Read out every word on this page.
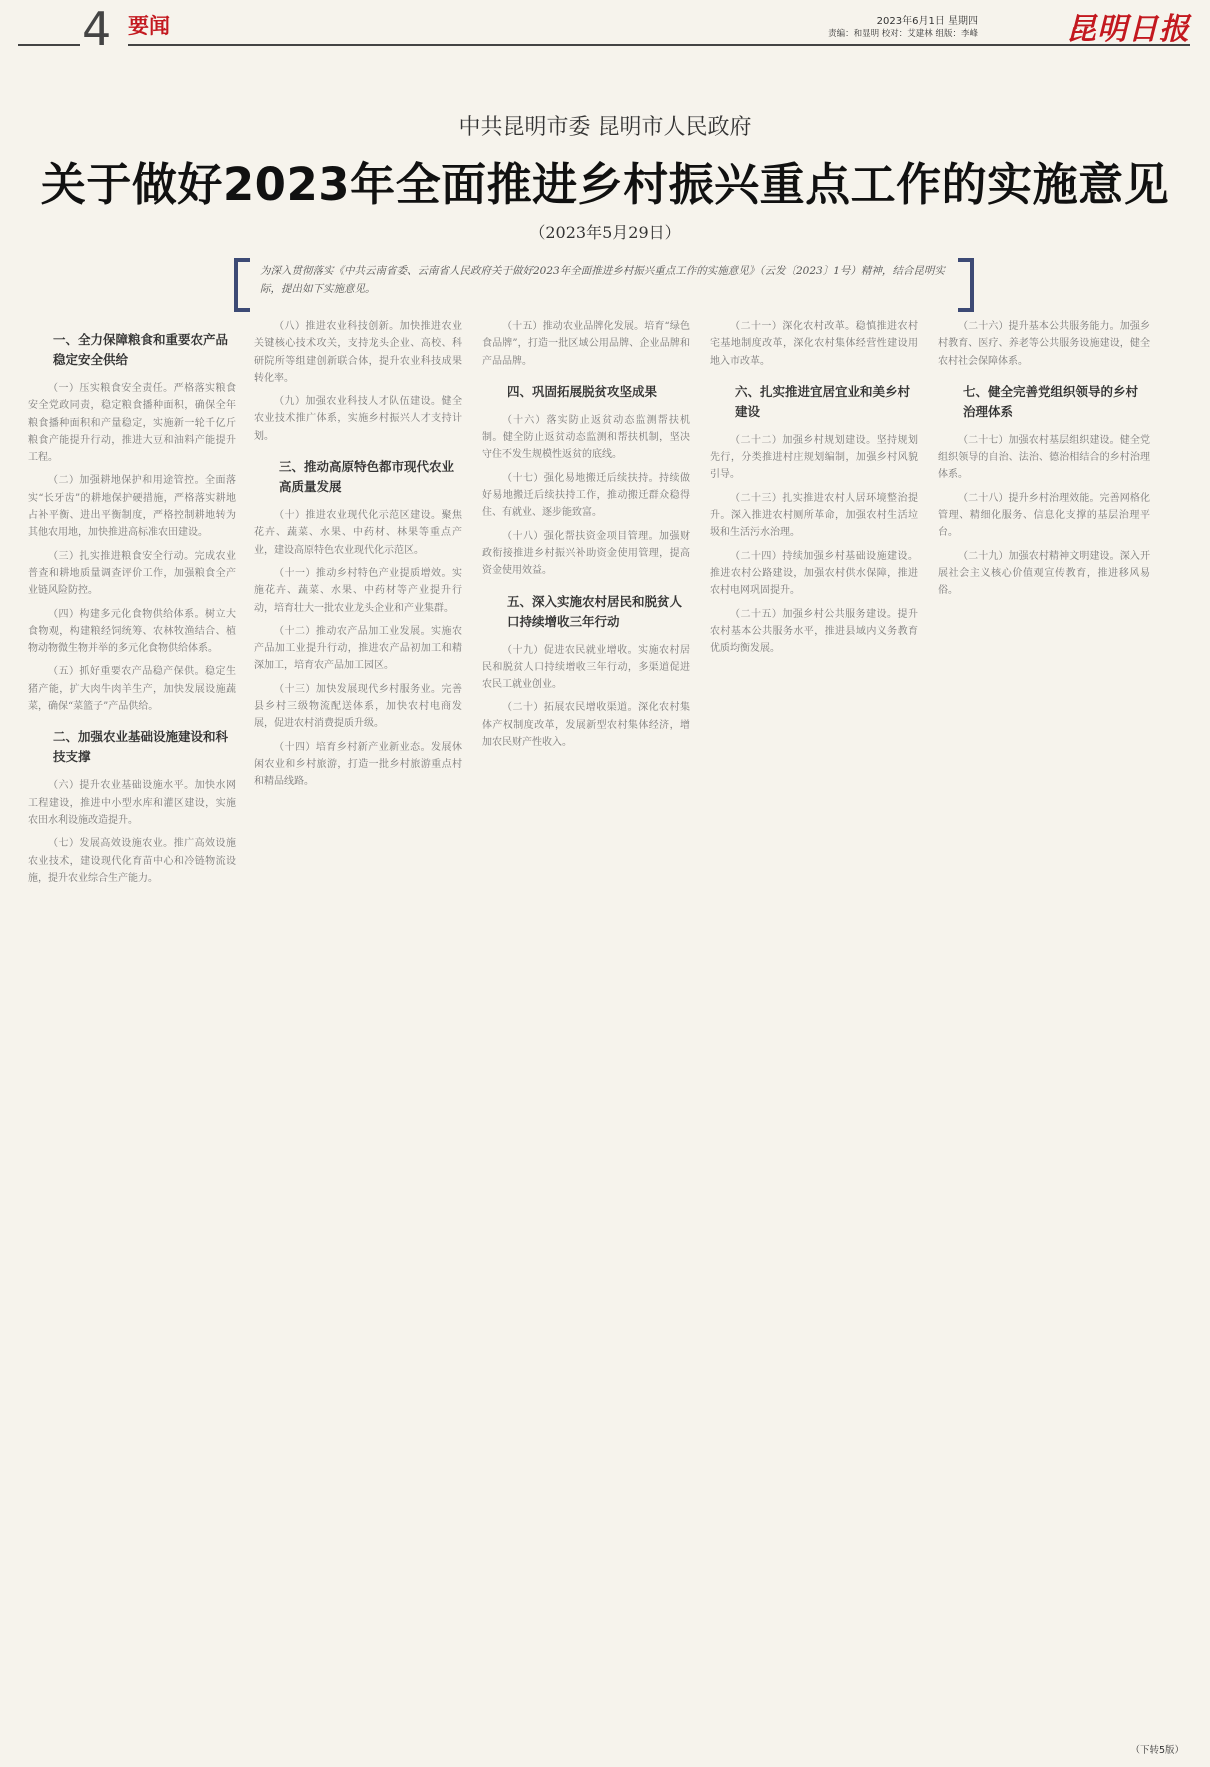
4 要闻	2023年6月1日 星期四
责编：和显明 校对：艾建林 组版：李峰	昆明日报
中共昆明市委 昆明市人民政府
关于做好2023年全面推进乡村振兴重点工作的实施意见
（2023年5月29日）
为深入贯彻落实《中共云南省委、云南省人民政府关于做好2023年全面推进乡村振兴重点工作的实施意见》（云发〔2023〕1号）精神，结合昆明实际，提出如下实施意见。
一、全力保障粮食和重要农产品稳定安全供给

（一）压实粮食安全责任。严格落实粮食安全党政同责，稳定粮食播种面积，确保全年粮食播种面积和产量稳定，实施新一轮千亿斤粮食产能提升行动，推进大豆和油料产能提升工程。

（二）加强耕地保护和用途管控。全面落实“长牙齿”的耕地保护硬措施，严格落实耕地占补平衡、进出平衡制度，严格控制耕地转为其他农用地，加快推进高标准农田建设。

（三）扎实推进粮食安全行动。完成农业普查和耕地质量调查评价工作，加强粮食全产业链风险防控。

（四）构建多元化食物供给体系。树立大食物观，构建粮经饲统筹、农林牧渔结合、植物动物微生物并举的多元化食物供给体系。

（五）抓好重要农产品稳产保供。稳定生猪产能，扩大肉牛肉羊生产，加快发展设施蔬菜，确保“菜篮子”产品供给。

二、加强农业基础设施建设和科技支撑

（六）提升农业基础设施水平。加快水网工程建设，推进中小型水库和灌区建设，实施农田水利设施改造提升。

（七）发展高效设施农业。推广高效设施农业技术，建设现代化育苗中心和冷链物流设施，提升农业综合生产能力。

（八）推进农业科技创新。加快推进农业关键核心技术攻关，支持龙头企业、高校、科研院所等组建创新联合体，提升农业科技成果转化率。

（九）加强农业科技人才队伍建设。健全农业技术推广体系，实施乡村振兴人才支持计划。

三、推动高原特色都市现代农业高质量发展

（十）推进农业现代化示范区建设。聚焦花卉、蔬菜、水果、中药材、林果等重点产业，建设高原特色农业现代化示范区。

（十一）推动乡村特色产业提质增效。实施花卉、蔬菜、水果、中药材等产业提升行动，培育壮大一批农业龙头企业和产业集群。

（十二）推动农产品加工业发展。实施农产品加工业提升行动，推进农产品初加工和精深加工，培育农产品加工园区。

（十三）加快发展现代乡村服务业。完善县乡村三级物流配送体系，加快农村电商发展，促进农村消费提质升级。

（十四）培育乡村新产业新业态。发展休闲农业和乡村旅游，打造一批乡村旅游重点村和精品线路。

（十五）推动农业品牌化发展。培育“绿色食品牌”，打造一批区域公用品牌、企业品牌和产品品牌。

四、巩固拓展脱贫攻坚成果

（十六）落实防止返贫动态监测帮扶机制。健全防止返贫动态监测和帮扶机制，坚决守住不发生规模性返贫的底线。

（十七）强化易地搬迁后续扶持。持续做好易地搬迁后续扶持工作，推动搬迁群众稳得住、有就业、逐步能致富。

（十八）强化帮扶资金项目管理。加强财政衔接推进乡村振兴补助资金使用管理，提高资金使用效益。

五、深入实施农村居民和脱贫人口持续增收三年行动

（十九）促进农民就业增收。实施农村居民和脱贫人口持续增收三年行动，多渠道促进农民工就业创业。

（二十）拓展农民增收渠道。深化农村集体产权制度改革，发展新型农村集体经济，增加农民财产性收入。

（二十一）深化农村改革。稳慎推进农村宅基地制度改革，深化农村集体经营性建设用地入市改革。

六、扎实推进宜居宜业和美乡村建设

（二十二）加强乡村规划建设。坚持规划先行，分类推进村庄规划编制，加强乡村风貌引导。

（二十三）扎实推进农村人居环境整治提升。深入推进农村厕所革命，加强农村生活垃圾和生活污水治理。

（二十四）持续加强乡村基础设施建设。推进农村公路建设，加强农村供水保障，推进农村电网巩固提升。

（二十五）加强乡村公共服务建设。提升农村基本公共服务水平，推进县域内义务教育优质均衡发展。

（二十六）提升基本公共服务能力。加强乡村教育、医疗、养老等公共服务设施建设，健全农村社会保障体系。

七、健全完善党组织领导的乡村治理体系

（二十七）加强农村基层组织建设。健全党组织领导的自治、法治、德治相结合的乡村治理体系。

（二十八）提升乡村治理效能。完善网格化管理、精细化服务、信息化支撑的基层治理平台。

（二十九）加强农村精神文明建设。深入开展社会主义核心价值观宣传教育，推进移风易俗。

（下转5版）
